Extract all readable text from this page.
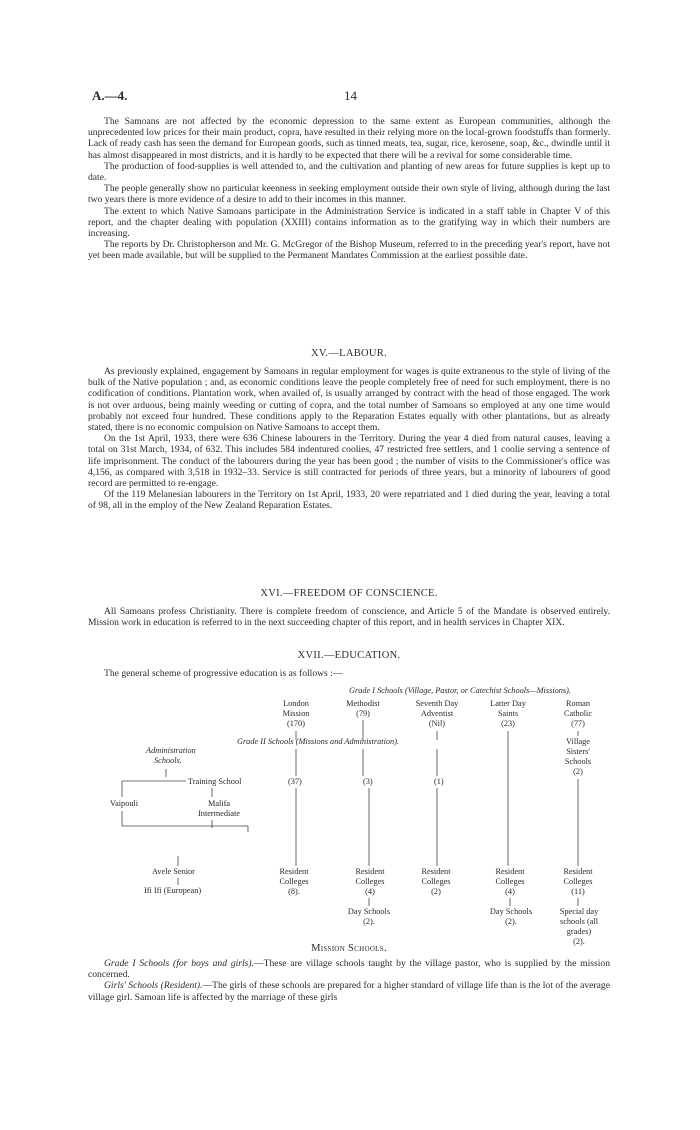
A.—4.	14

The Samoans are not affected by the economic depression to the same extent as European communities, although the unprecedented low prices for their main product, copra, have resulted in their relying more on the local-grown foodstuffs than formerly. Lack of ready cash has seen the demand for European goods, such as tinned meats, tea, sugar, rice, kerosene, soap, &c., dwindle until it has almost disappeared in most districts, and it is hardly to be expected that there will be a revival for some considerable time.

The production of food-supplies is well attended to, and the cultivation and planting of new areas for future supplies is kept up to date.

The people generally show no particular keenness in seeking employment outside their own style of living, although during the last two years there is more evidence of a desire to add to their incomes in this manner.

The extent to which Native Samoans participate in the Administration Service is indicated in a staff table in Chapter V of this report, and the chapter dealing with population (XXIII) contains information as to the gratifying way in which their numbers are increasing.

The reports by Dr. Christopherson and Mr. G. McGregor of the Bishop Museum, referred to in the preceding year's report, have not yet been made available, but will be supplied to the Permanent Mandates Commission at the earliest possible date.

XV.—LABOUR.

As previously explained, engagement by Samoans in regular employment for wages is quite extraneous to the style of living of the bulk of the Native population ; and, as economic conditions leave the people completely free of need for such employment, there is no codification of conditions. Plantation work, when availed of, is usually arranged by contract with the head of those engaged. The work is not over arduous, being mainly weeding or cutting of copra, and the total number of Samoans so employed at any one time would probably not exceed four hundred. These conditions apply to the Reparation Estates equally with other plantations, but as already stated, there is no economic compulsion on Native Samoans to accept them.

On the 1st April, 1933, there were 636 Chinese labourers in the Territory. During the year 4 died from natural causes, leaving a total on 31st March, 1934, of 632. This includes 584 indentured coolies, 47 restricted free settlers, and 1 coolie serving a sentence of life imprisonment. The conduct of the labourers during the year has been good ; the number of visits to the Commissioner's office was 4,156, as compared with 3,518 in 1932–33. Service is still contracted for periods of three years, but a minority of labourers of good record are permitted to re-engage.

Of the 119 Melanesian labourers in the Territory on 1st April, 1933, 20 were repatriated and 1 died during the year, leaving a total of 98, all in the employ of the New Zealand Reparation Estates.

XVI.—FREEDOM OF CONSCIENCE.

All Samoans profess Christianity. There is complete freedom of conscience, and Article 5 of the Mandate is observed entirely. Mission work in education is referred to in the next succeeding chapter of this report, and in health services in Chapter XIX.

XVII.—EDUCATION.

The general scheme of progressive education is as follows :—

Grade I Schools (Village, Pastor, or Catechist Schools—Missions).
London
Mission
(170)
Methodist
(79)
Seventh Day
Adventist
(Nil)
Latter Day
Saints
(23)
Roman
Catholic
(77)
Grade II Schools (Missions and Administration).	Village
Sisters'
Schools
(2)
Administration
Schools.
Training School	(37)	(3)	(1)
Vaipouli	Malifa
Intermediate
Avele Senior
Ifi Ifi (European)
Resident
Colleges
(8).
Resident
Colleges
(4)
Resident
Colleges
(2)
Resident
Colleges
(4)
Resident
Colleges
(11)
Day Schools
(2).
Day Schools
(2).
Special day
schools (all
grades)
(2).
Mission Schools.

Grade I Schools (for boys and girls).—These are village schools taught by the village pastor, who is supplied by the mission concerned.

Girls' Schools (Resident).—The girls of these schools are prepared for a higher standard of village life than is the lot of the average village girl. Samoan life is affected by the marriage of these girls
